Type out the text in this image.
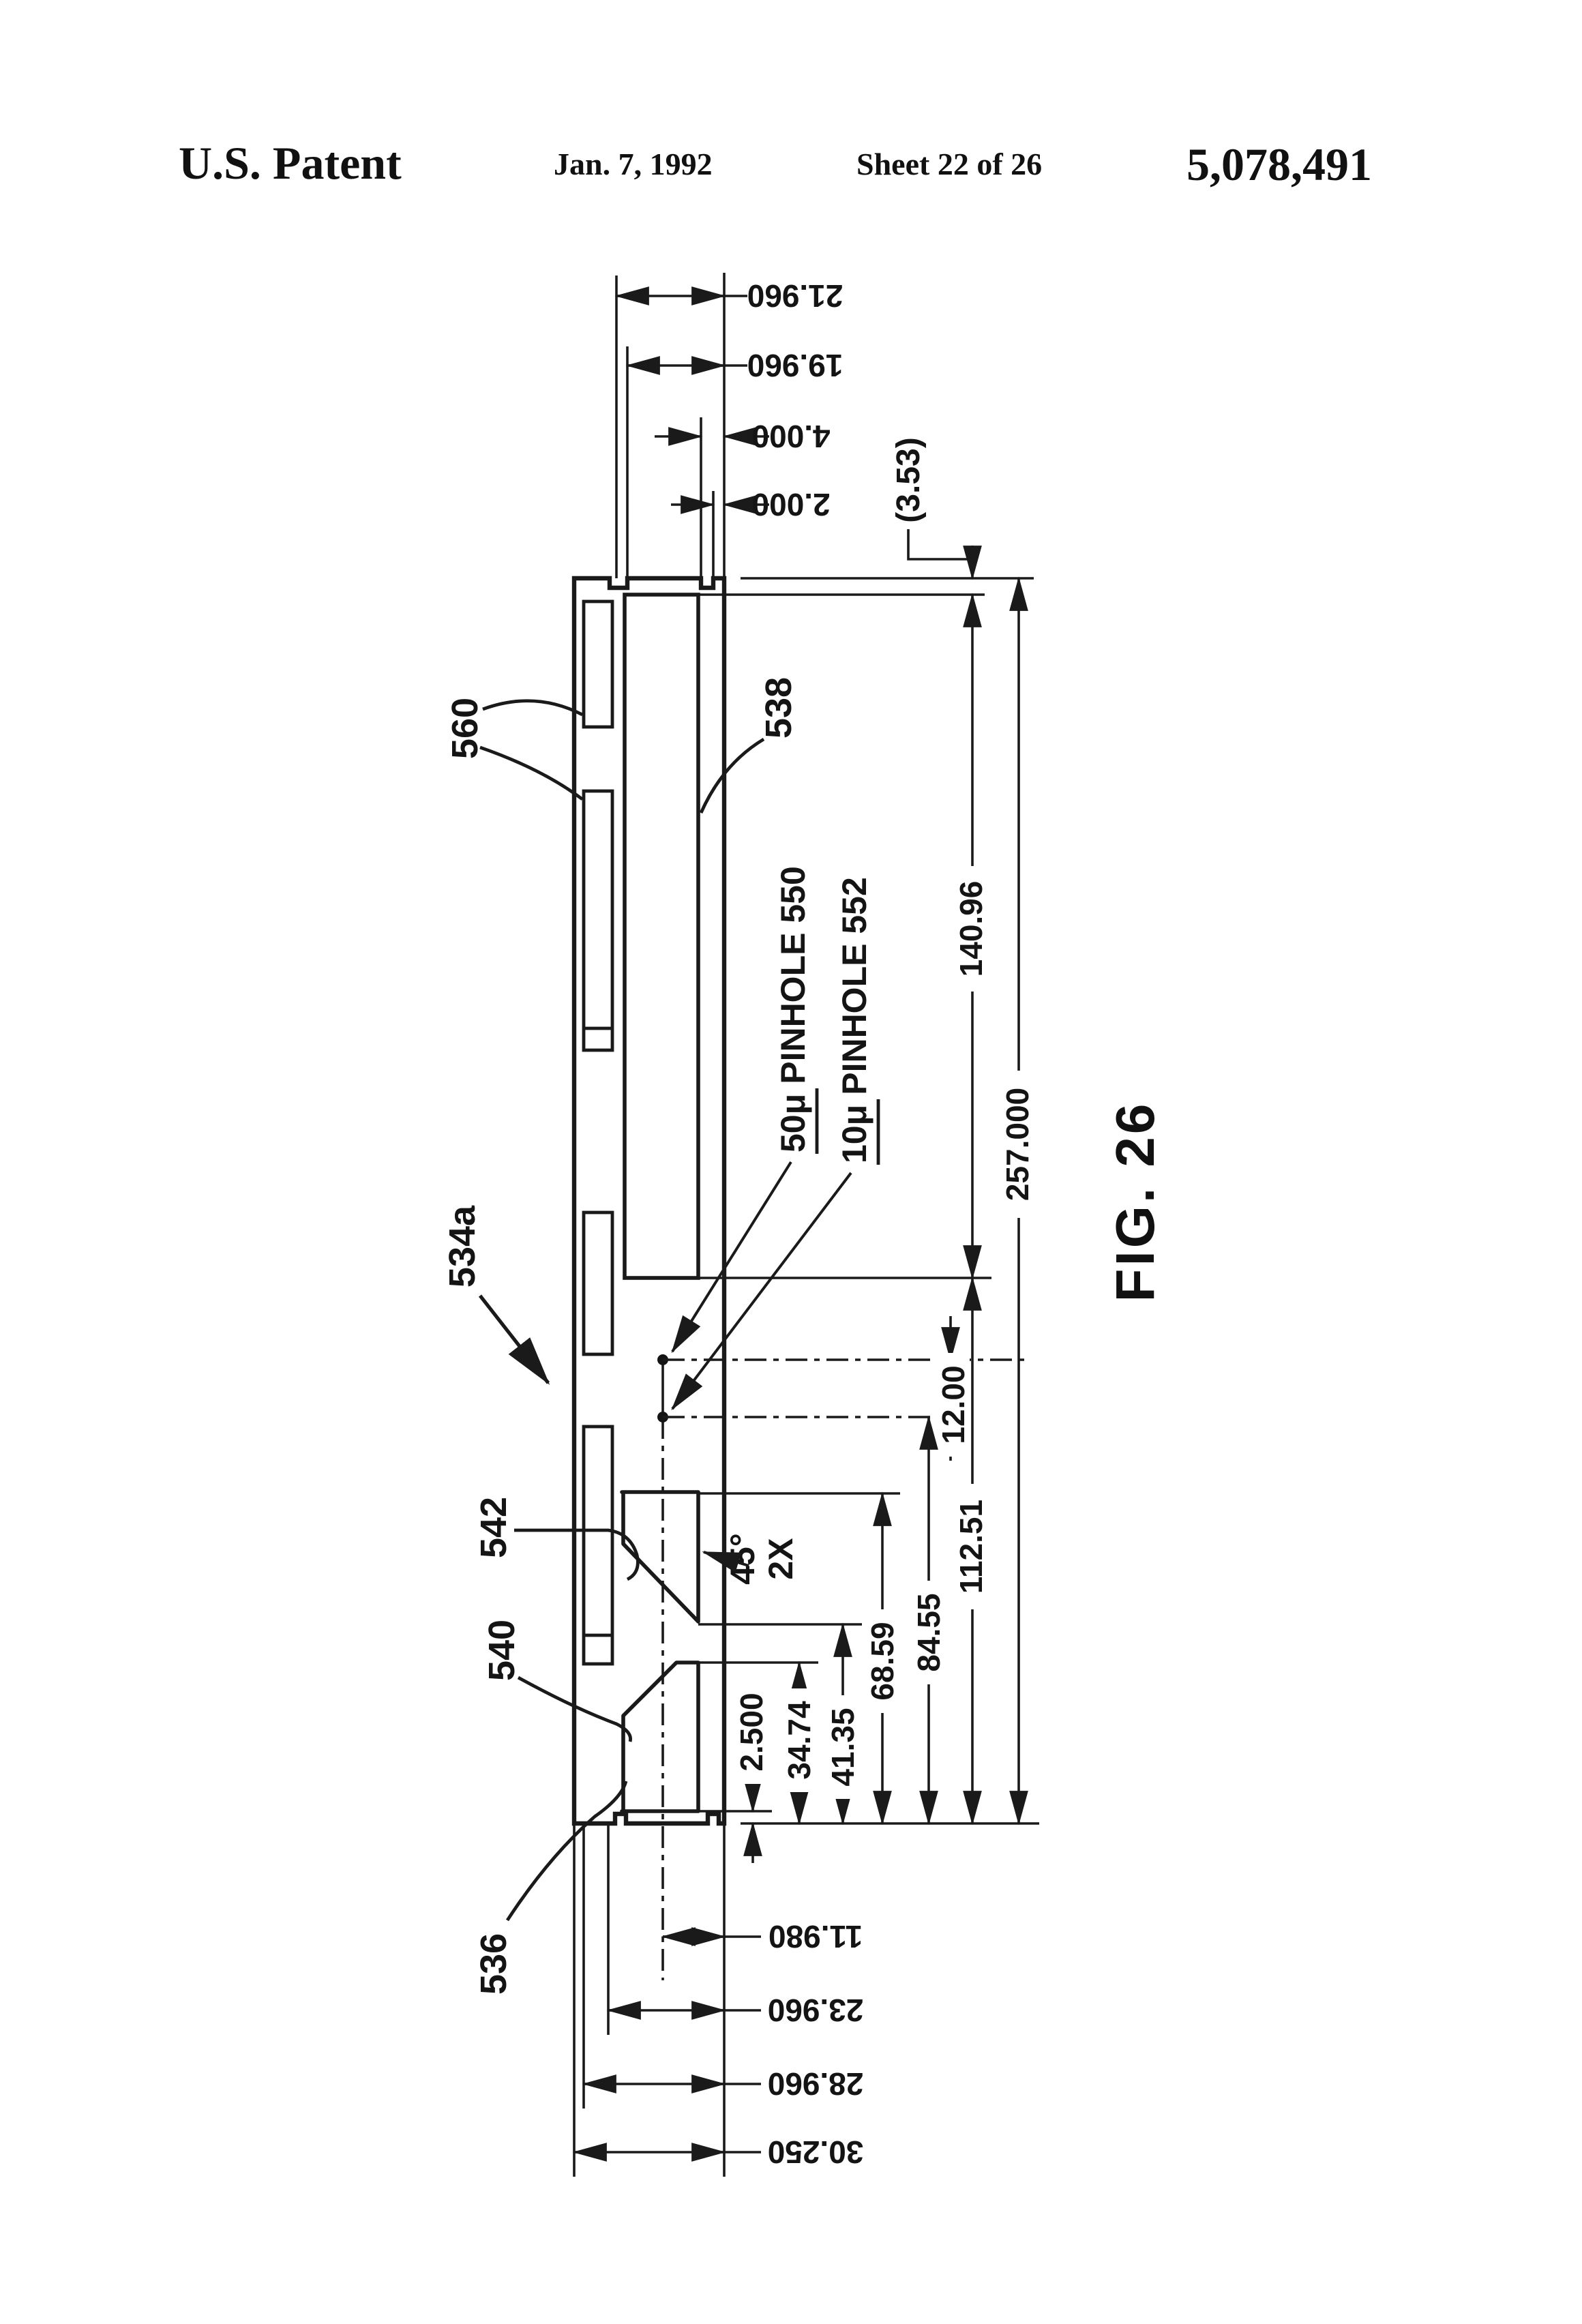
U.S. Patent	Jan. 7, 1992	Sheet 22 of 26	5,078,491
560	538
534a
542
540
536
45° 2X
50μPINHOLE 550
10μPINHOLE 552
21.960
19.960
4.000
2.000	(3.53)
140.96
112.51
257.000
12.00
84.55
68.59
41.35
34.74
2.500
11.980
23.960
28.960
30.250
FIG. 26
